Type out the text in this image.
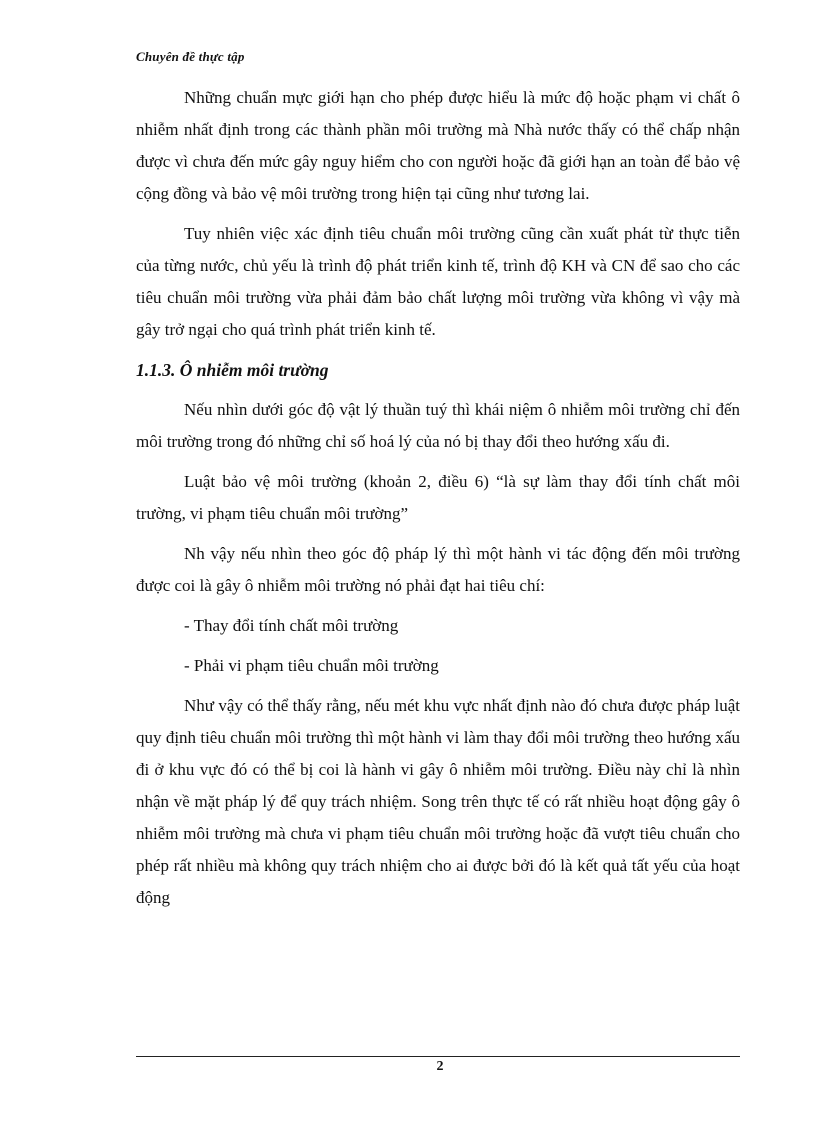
Chuyên đề thực tập

Những chuẩn mực giới hạn cho phép được hiểu là mức độ hoặc phạm vi chất ô nhiễm nhất định trong các thành phần môi trường mà Nhà nước thấy có thể chấp nhận được vì chưa đến mức gây nguy hiểm cho con người hoặc đã giới hạn an toàn để bảo vệ cộng đồng và bảo vệ môi trường trong hiện tại cũng như tương lai.

Tuy nhiên việc xác định tiêu chuẩn môi trường cũng cần xuất phát từ thực tiễn của từng nước, chủ yếu là trình độ phát triển kinh tế, trình độ KH và CN để sao cho các tiêu chuẩn môi trường vừa phải đảm bảo chất lượng môi trường vừa không vì vậy mà gây trở ngại cho quá trình phát triển kinh tế.

1.1.3. Ô nhiễm môi trường

Nếu nhìn dưới góc độ vật lý thuần tuý thì khái niệm ô nhiễm môi trường chỉ đến môi trường trong đó những chỉ số hoá lý của nó bị thay đổi theo hướng xấu đi.

Luật bảo vệ môi trường (khoản 2, điều 6) “là sự làm thay đổi tính chất môi trường, vi phạm tiêu chuẩn môi trường”

Nh vậy nếu nhìn theo góc độ pháp lý thì một hành vi tác động đến môi trường được coi là gây ô nhiễm môi trường nó phải đạt hai tiêu chí:

- Thay đổi tính chất môi trường

- Phải vi phạm tiêu chuẩn môi trường

Như vậy có thể thấy rằng, nếu mét khu vực nhất định nào đó chưa được pháp luật quy định tiêu chuẩn môi trường thì một hành vi làm thay đổi môi trường theo hướng xấu đi ở khu vực đó có thể bị coi là hành vi gây ô nhiễm môi trường. Điều này chỉ là nhìn nhận về mặt pháp lý để quy trách nhiệm. Song trên thực tế có rất nhiều hoạt động gây ô nhiễm môi trường mà chưa vi phạm tiêu chuẩn môi trường hoặc đã vượt tiêu chuẩn cho phép rất nhiều mà không quy trách nhiệm cho ai được bởi đó là kết quả tất yếu của hoạt động

2
